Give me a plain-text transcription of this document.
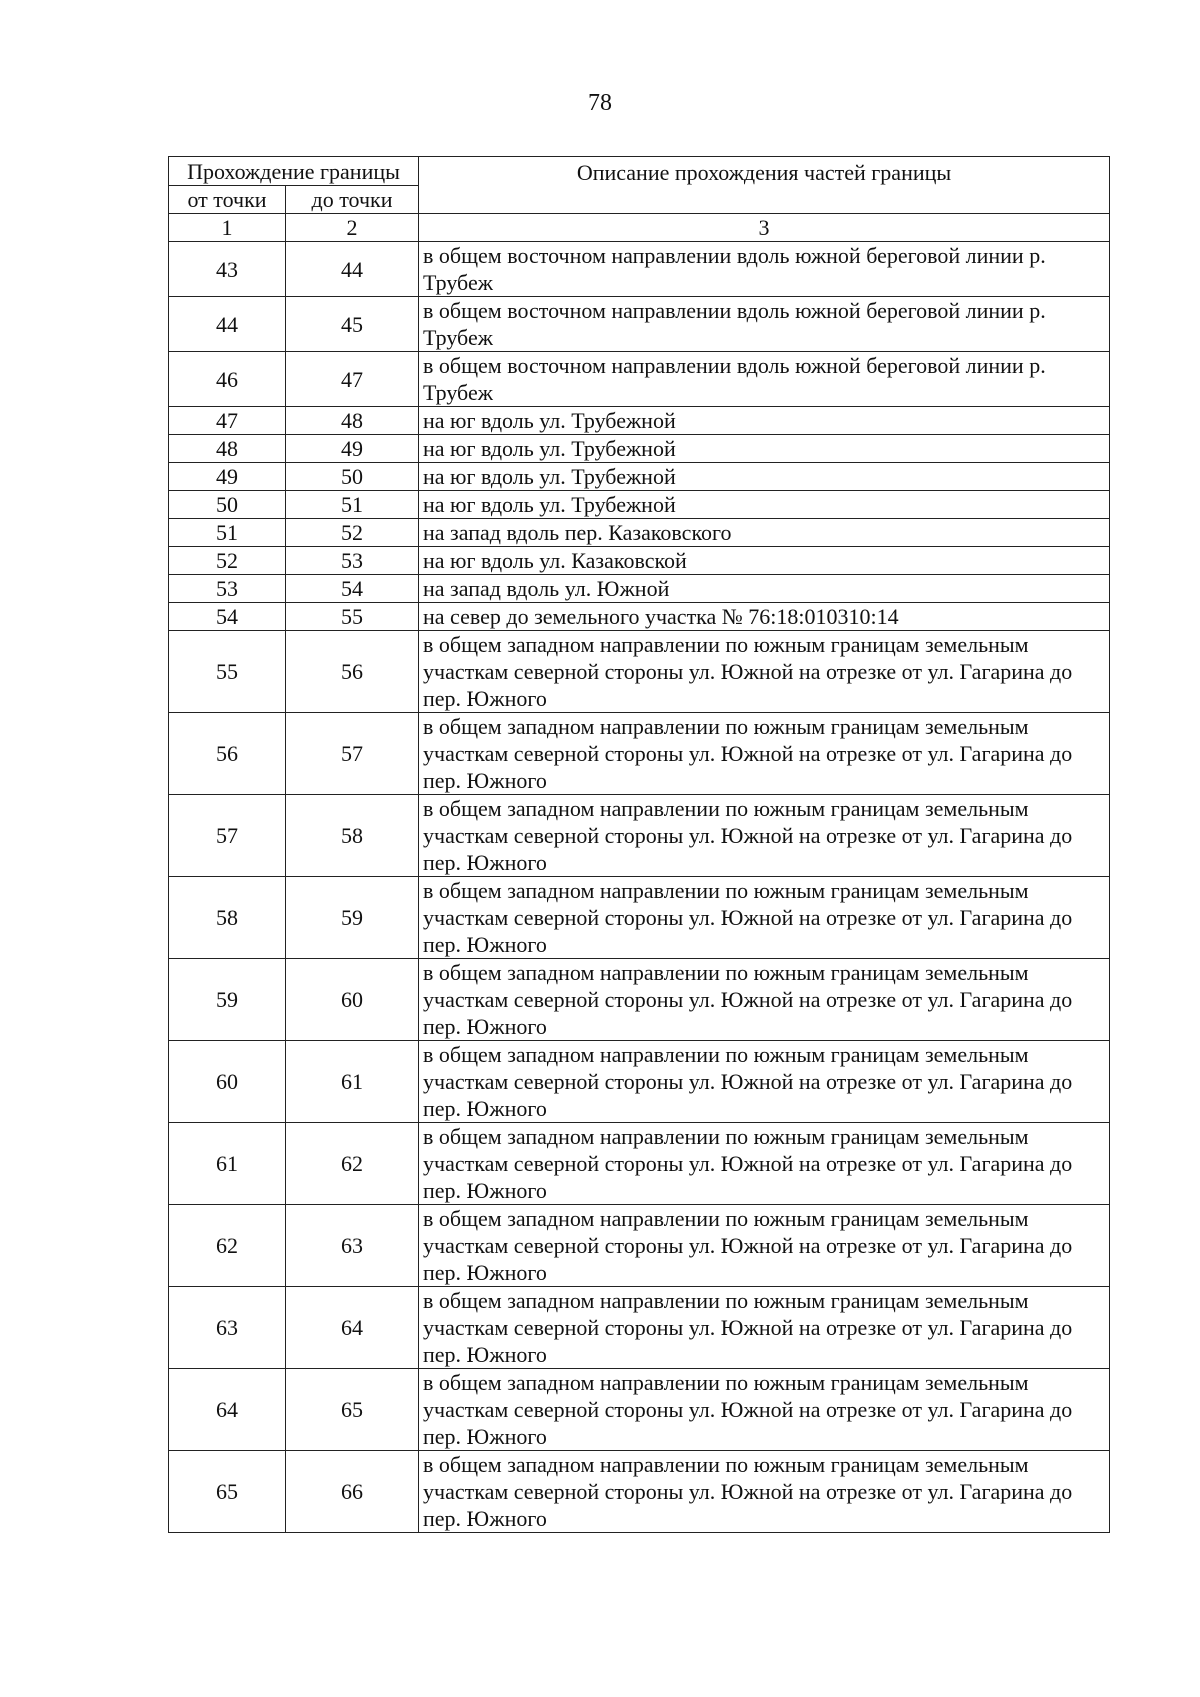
78
Прохождение границы		Описание прохождения частей границы
от точки	до точки	
1	2	3
43	44	в общем восточном направлении вдоль южной береговой линии р. Трубеж
44	45	в общем восточном направлении вдоль южной береговой линии р. Трубеж
46	47	в общем восточном направлении вдоль южной береговой линии р. Трубеж
47	48	на юг вдоль ул. Трубежной
48	49	на юг вдоль ул. Трубежной
49	50	на юг вдоль ул. Трубежной
50	51	на юг вдоль ул. Трубежной
51	52	на запад вдоль пер. Казаковского
52	53	на юг вдоль ул. Казаковской
53	54	на запад вдоль ул. Южной
54	55	на север до земельного участка № 76:18:010310:14
55	56	в общем западном направлении по южным границам земельным участкам северной стороны ул. Южной на отрезке от ул. Гагарина до пер. Южного
56	57	в общем западном направлении по южным границам земельным участкам северной стороны ул. Южной на отрезке от ул. Гагарина до пер. Южного
57	58	в общем западном направлении по южным границам земельным участкам северной стороны ул. Южной на отрезке от ул. Гагарина до пер. Южного
58	59	в общем западном направлении по южным границам земельным участкам северной стороны ул. Южной на отрезке от ул. Гагарина до пер. Южного
59	60	в общем западном направлении по южным границам земельным участкам северной стороны ул. Южной на отрезке от ул. Гагарина до пер. Южного
60	61	в общем западном направлении по южным границам земельным участкам северной стороны ул. Южной на отрезке от ул. Гагарина до пер. Южного
61	62	в общем западном направлении по южным границам земельным участкам северной стороны ул. Южной на отрезке от ул. Гагарина до пер. Южного
62	63	в общем западном направлении по южным границам земельным участкам северной стороны ул. Южной на отрезке от ул. Гагарина до пер. Южного
63	64	в общем западном направлении по южным границам земельным участкам северной стороны ул. Южной на отрезке от ул. Гагарина до пер. Южного
64	65	в общем западном направлении по южным границам земельным участкам северной стороны ул. Южной на отрезке от ул. Гагарина до пер. Южного
65	66	в общем западном направлении по южным границам земельным участкам северной стороны ул. Южной на отрезке от ул. Гагарина до пер. Южного
